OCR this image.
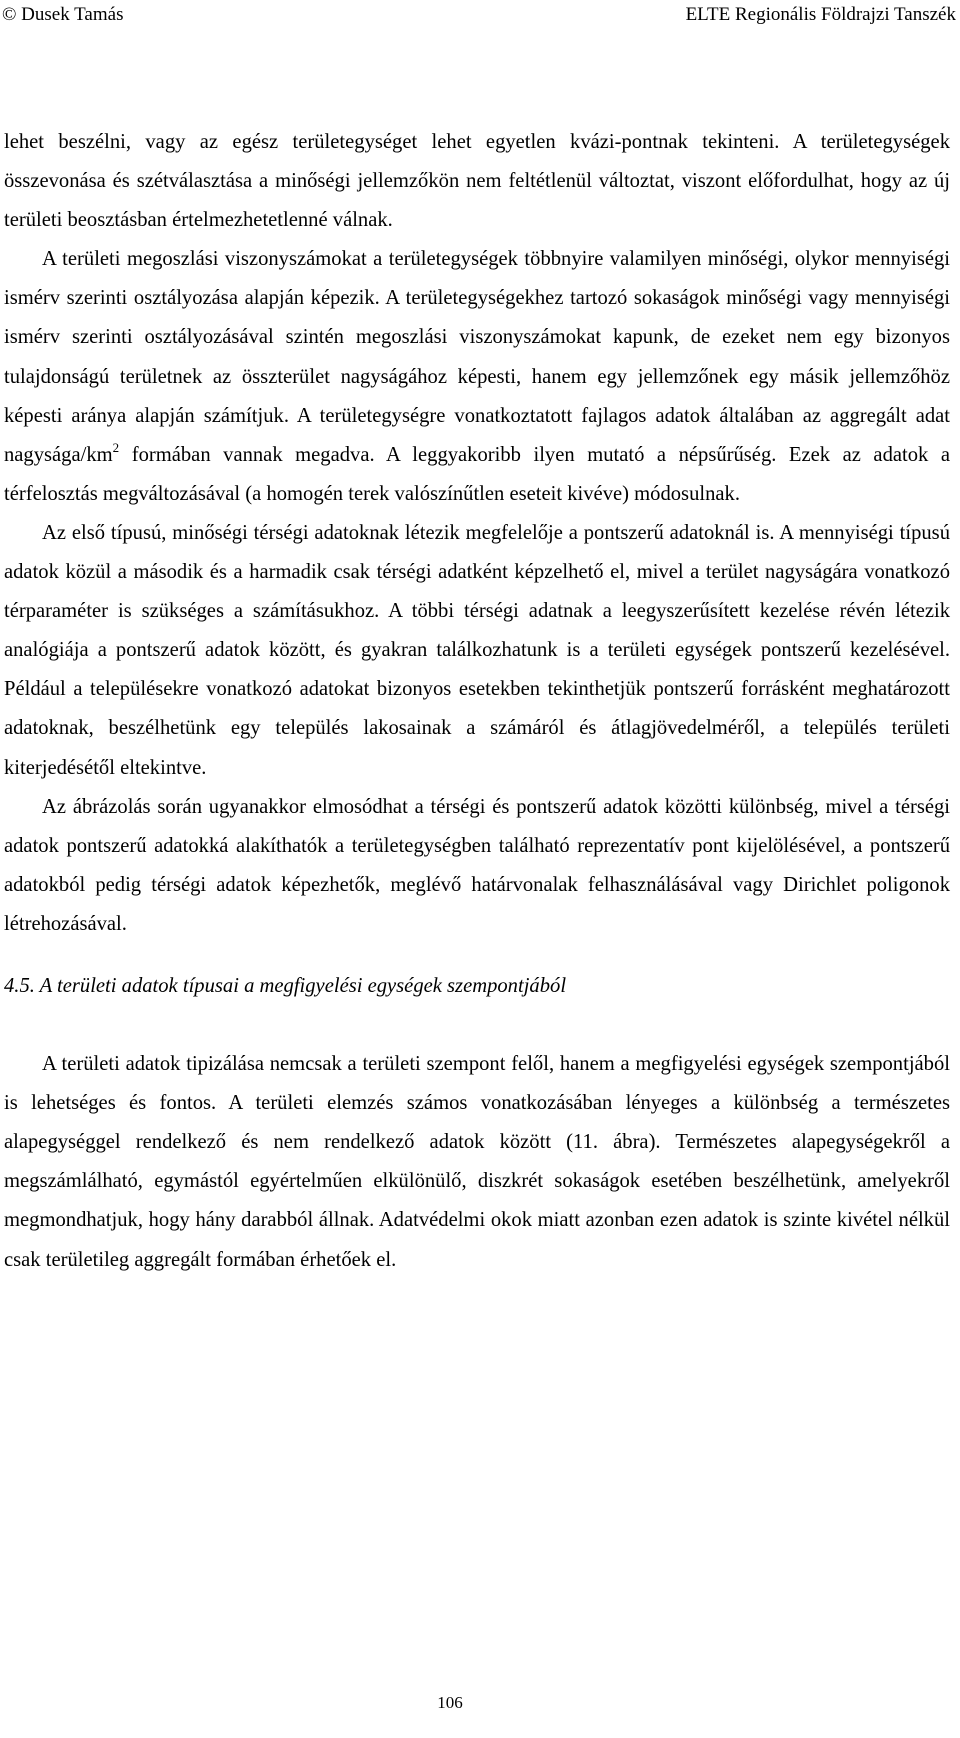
© Dusek Tamás	ELTE Regionális Földrajzi Tanszék

lehet beszélni, vagy az egész területegységet lehet egyetlen kvázi-pontnak tekinteni. A területegységek összevonása és szétválasztása a minőségi jellemzőkön nem feltétlenül változtat, viszont előfordulhat, hogy az új területi beosztásban értelmezhetetlenné válnak.

A területi megoszlási viszonyszámokat a területegységek többnyire valamilyen minőségi, olykor mennyiségi ismérv szerinti osztályozása alapján képezik. A területegységekhez tartozó sokaságok minőségi vagy mennyiségi ismérv szerinti osztályozásával szintén megoszlási viszonyszámokat kapunk, de ezeket nem egy bizonyos tulajdonságú területnek az összterület nagyságához képesti, hanem egy jellemzőnek egy másik jellemzőhöz képesti aránya alapján számítjuk. A területegységre vonatkoztatott fajlagos adatok általában az aggregált adat nagysága/$km^2$ formában vannak megadva. A leggyakoribb ilyen mutató a népsűrűség. Ezek az adatok a térfelosztás megváltozásával (a homogén terek valószínűtlen eseteit kivéve) módosulnak.

Az első típusú, minőségi térségi adatoknak létezik megfelelője a pontszerű adatoknál is. A mennyiségi típusú adatok közül a második és a harmadik csak térségi adatként képzelhető el, mivel a terület nagyságára vonatkozó térparaméter is szükséges a számításukhoz. A többi térségi adatnak a leegyszerűsített kezelése révén létezik analógiája a pontszerű adatok között, és gyakran találkozhatunk is a területi egységek pontszerű kezelésével. Például a településekre vonatkozó adatokat bizonyos esetekben tekinthetjük pontszerű forrásként meghatározott adatoknak, beszélhetünk egy település lakosainak a számáról és átlagjövedelméről, a település területi kiterjedésétől eltekintve.

Az ábrázolás során ugyanakkor elmosódhat a térségi és pontszerű adatok közötti különbség, mivel a térségi adatok pontszerű adatokká alakíthatók a területegységben található reprezentatív pont kijelölésével, a pontszerű adatokból pedig térségi adatok képezhetők, meglévő határvonalak felhasználásával vagy Dirichlet poligonok létrehozásával.

4.5. A területi adatok típusai a megfigyelési egységek szempontjából

A területi adatok tipizálása nemcsak a területi szempont felől, hanem a megfigyelési egységek szempontjából is lehetséges és fontos. A területi elemzés számos vonatkozásában lényeges a különbség a természetes alapegységgel rendelkező és nem rendelkező adatok között (11. ábra). Természetes alapegységekről a megszámlálható, egymástól egyértelműen elkülönülő, diszkrét sokaságok esetében beszélhetünk, amelyekről megmondhatjuk, hogy hány darabból állnak. Adatvédelmi okok miatt azonban ezen adatok is szinte kivétel nélkül csak területileg aggregált formában érhetőek el.

106
